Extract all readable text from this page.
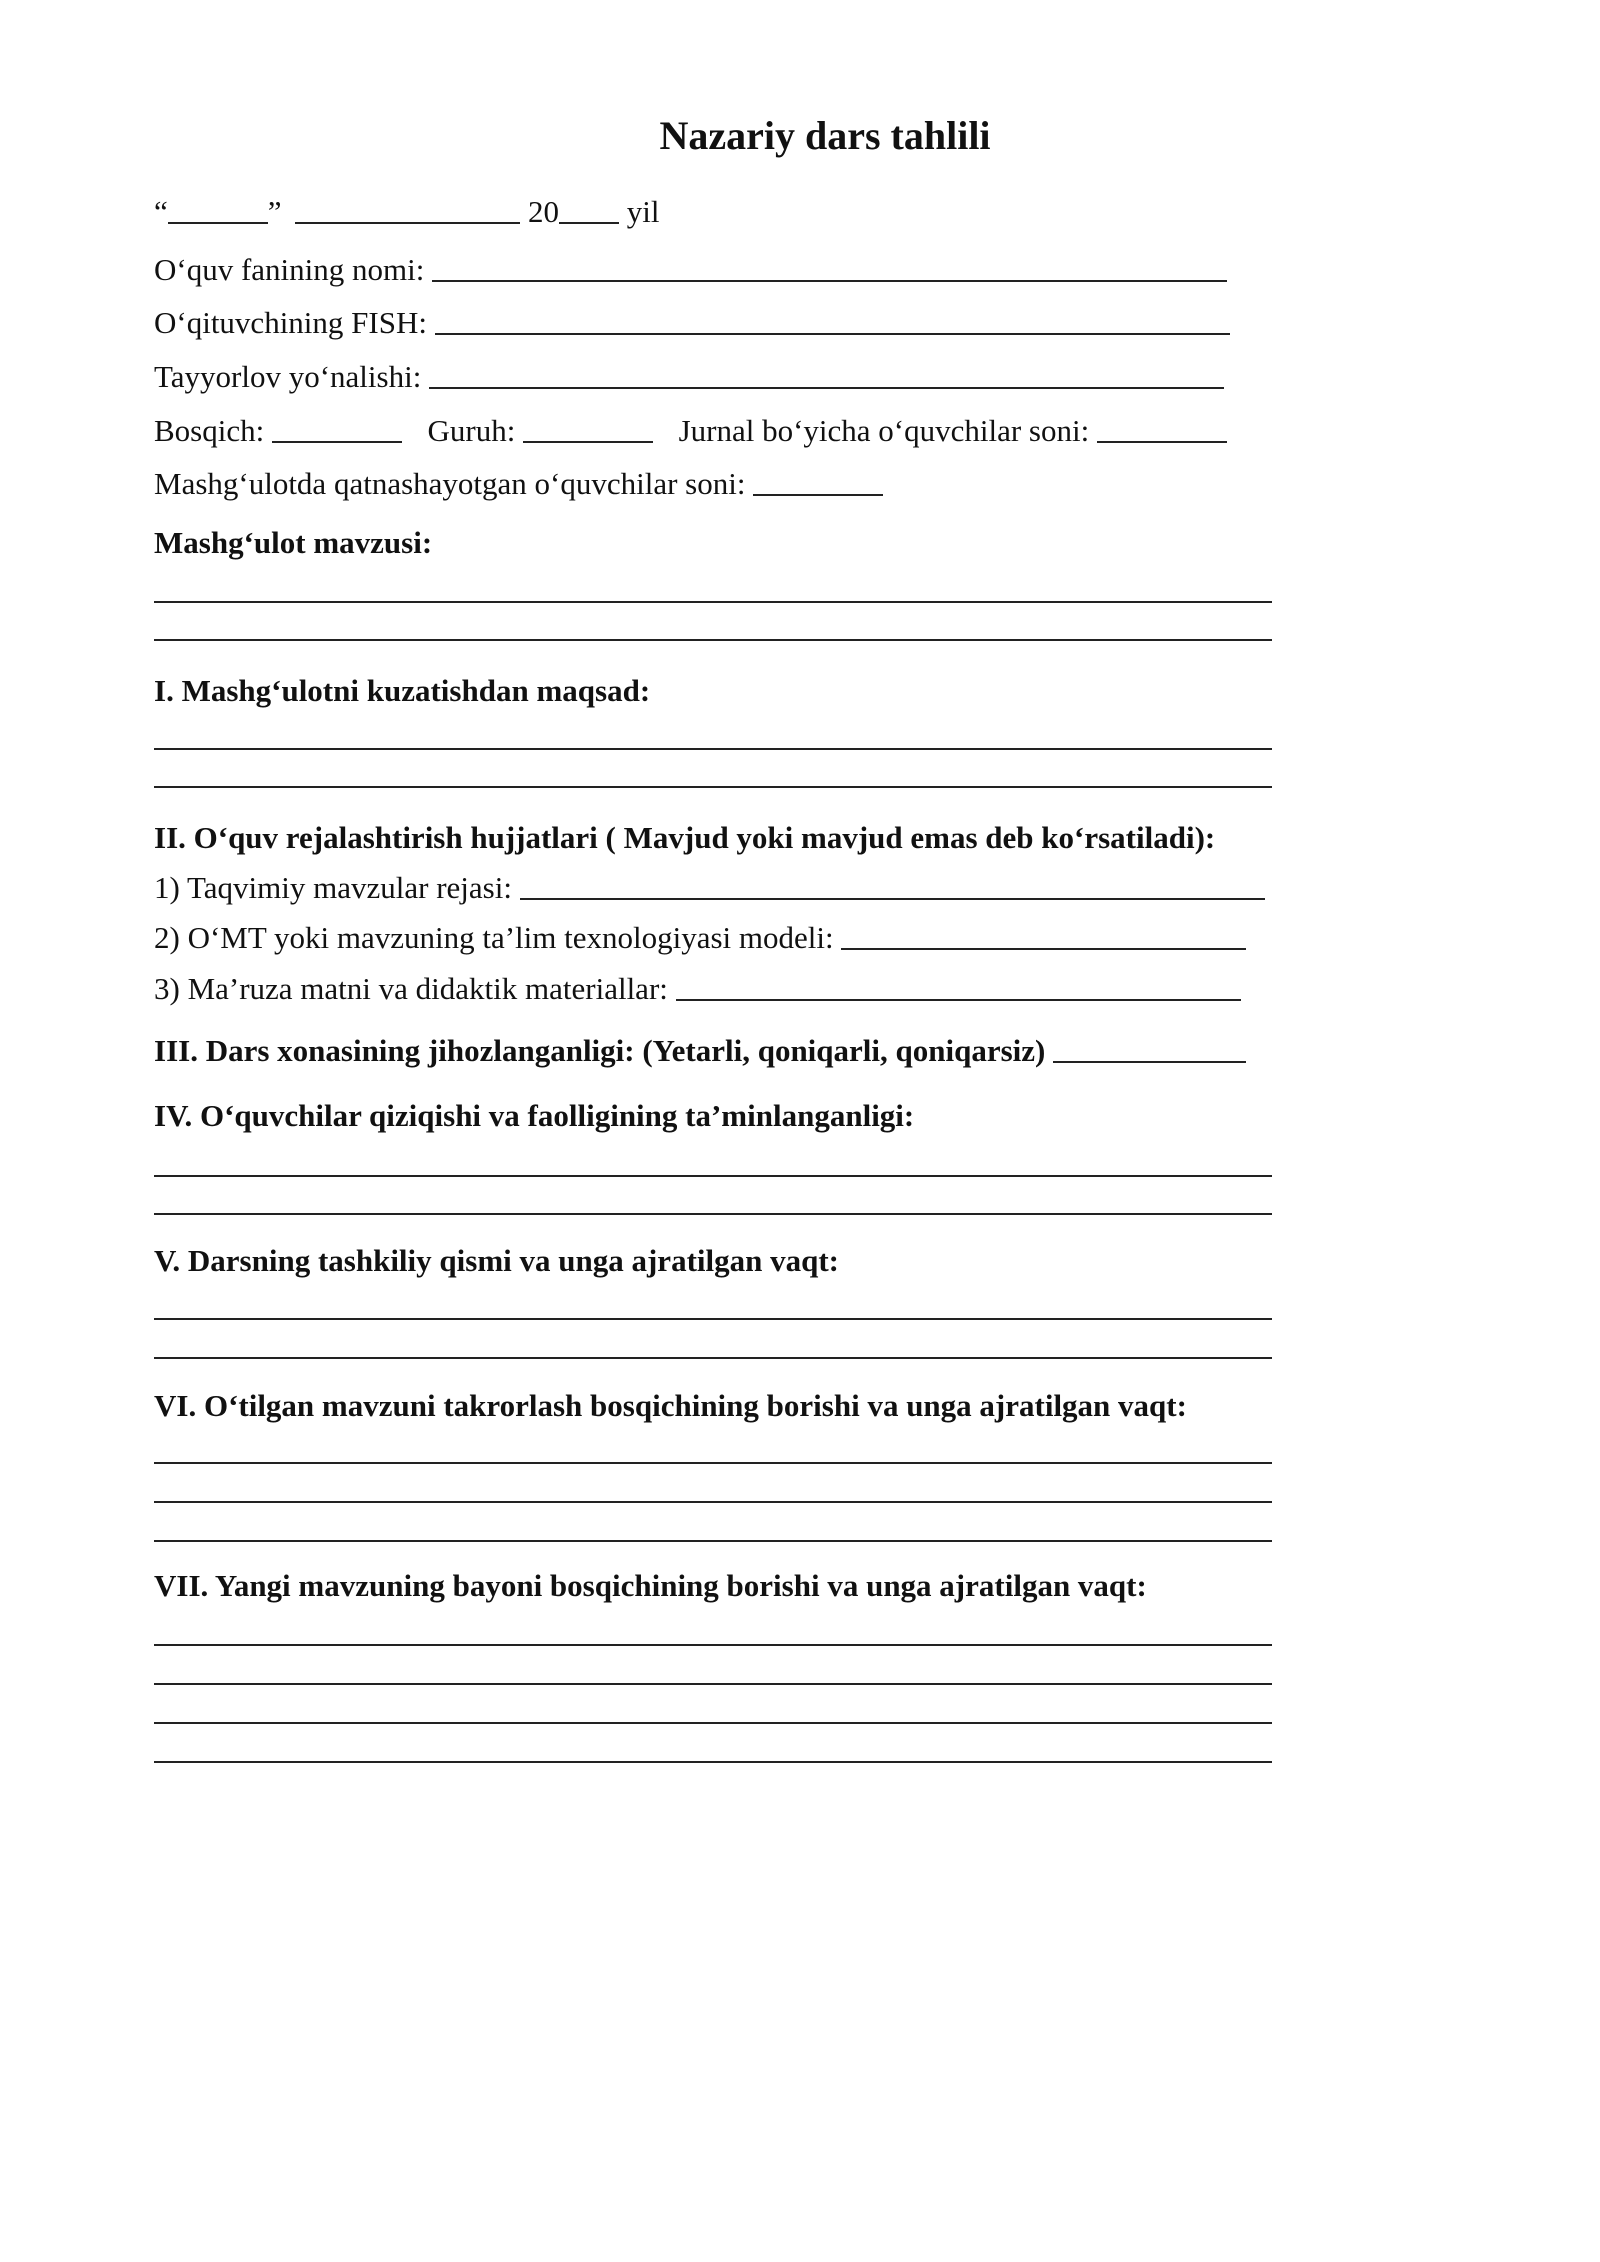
Nazariy dars tahlili
“	”	20 yil
O‘quv fanining nomi:
O‘qituvchining FISH:
Tayyorlov yo‘nalishi:
Bosqich:	Guruh:	Jurnal bo‘yicha o‘quvchilar soni:
Mashg‘ulotda qatnashayotgan o‘quvchilar soni:
Mashg‘ulot mavzusi:
I. Mashg‘ulotni kuzatishdan maqsad:
II. O‘quv rejalashtirish hujjatlari ( Mavjud yoki mavjud emas deb ko‘rsatiladi):
1) Taqvimiy mavzular rejasi:
2) O‘MT yoki mavzuning ta’lim texnologiyasi modeli:
3) Ma’ruza matni va didaktik materiallar:
III. Dars xonasining jihozlanganligi: (Yetarli, qoniqarli, qoniqarsiz)
IV. O‘quvchilar qiziqishi va faolligining ta’minlanganligi:
V. Darsning tashkiliy qismi va unga ajratilgan vaqt:
VI. O‘tilgan mavzuni takrorlash bosqichining borishi va unga ajratilgan vaqt:
VII. Yangi mavzuning bayoni bosqichining borishi va unga ajratilgan vaqt:
